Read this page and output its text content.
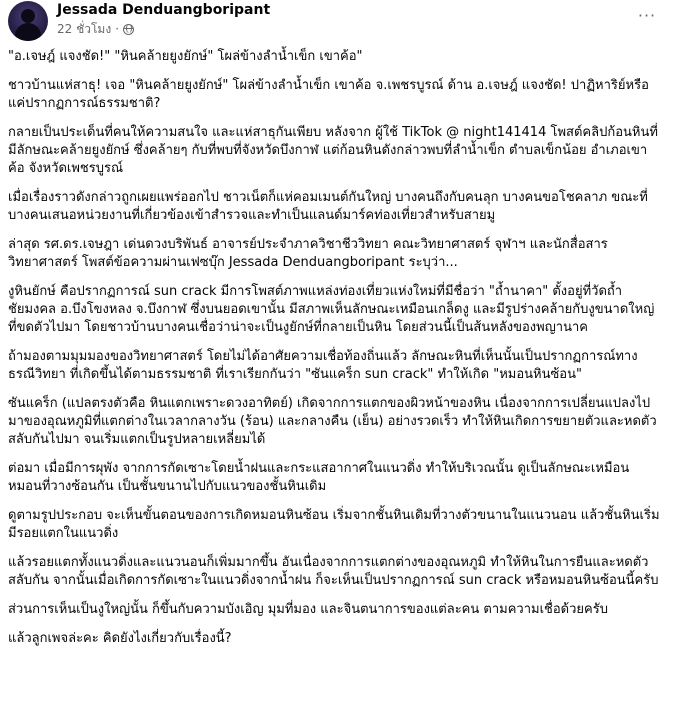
Jessada Denduangboripant
22 ชั่วโมง ·
···

"อ.เจษฎ์ แจงชัด!" "หินคล้ายยูงยักษ์" โผล่ข้างลำน้ำเข็ก เขาค้อ"

ชาวบ้านแห่สาธุ! เจอ "หินคล้ายยูงยักษ์" โผล่ข้างลำน้ำเข็ก เขาค้อ จ.เพชรบูรณ์ ด้าน อ.เจษฎ์ แจงชัด! ปาฏิหาริย์หรือแค่ปรากฏการณ์ธรรมชาติ?

กลายเป็นประเด็นที่คนให้ความสนใจ และแห่สาธุกันเพียบ หลังจาก ผู้ใช้ TikTok @ night141414 โพสต์คลิปก้อนหินที่มีลักษณะคล้ายยูงยักษ์ ซึ่งคล้ายๆ กับที่พบที่จังหวัดบึงกาฬ แต่ก้อนหินดังกล่าวพบที่ลำน้ำเข็ก ตำบลเข็กน้อย อำเภอเขาค้อ จังหวัดเพชรบูรณ์

เมื่อเรื่องราวดังกล่าวถูกเผยแพร่ออกไป ชาวเน็ตก็แห่คอมเมนต์กันใหญ่ บางคนถึงกับคนลุก บางคนขอโชคลาภ ขณะที่บางคนเสนอหน่วยงานที่เกี่ยวข้องเข้าสำรวจและทำเป็นแลนด์มาร์คท่องเที่ยวสำหรับสายมู

ล่าสุด รศ.ดร.เจษฎา เด่นดวงบริพันธ์ อาจารย์ประจำภาควิชาชีววิทยา คณะวิทยาศาสตร์ จุฬาฯ และนักสื่อสารวิทยาศาสตร์ โพสต์ข้อความผ่านเฟซบุ๊ก Jessada Denduangboripant ระบุว่า...

งูหินยักษ์ คือปรากฏการณ์ sun crack มีการโพสต์ภาพแหล่งท่องเที่ยวแห่งใหม่ที่มีชื่อว่า "ถ้ำนาคา" ตั้งอยู่ที่วัดถ้ำชัยมงคล อ.บึงโขงหลง จ.บึงกาฬ ซึ่งบนยอดเขานั้น มีสภาพเห็นลักษณะเหมือนเกล็ดงู และมีรูปร่างคล้ายกับงูขนาดใหญ่ที่ขดตัวไปมา โดยชาวบ้านบางคนเชื่อว่าน่าจะเป็นงูยักษ์ที่กลายเป็นหิน โดยส่วนนี้เป็นส้นหลังของพญานาค

ถ้ามองตามมุมมองของวิทยาศาสตร์ โดยไม่ได้อาศัยความเชื่อท้องถิ่นแล้ว ลักษณะหินที่เห็นนั้นเป็นปรากฏการณ์ทางธรณีวิทยา ที่เกิดขึ้นได้ตามธรรมชาติ ที่เราเรียกกันว่า "ซันแคร็ก sun crack" ทำให้เกิด "หมอนหินซ้อน"

ซันแคร็ก (แปลตรงตัวคือ หินแตกเพราะดวงอาทิตย์) เกิดจากการแตกของผิวหน้าของหิน เนื่องจากการเปลี่ยนแปลงไปมาของอุณหภูมิที่แตกต่างในเวลากลางวัน (ร้อน) และกลางคืน (เย็น) อย่างรวดเร็ว ทำให้หินเกิดการขยายตัวและหดตัวสลับกันไปมา จนเริ่มแตกเป็นรูปหลายเหลี่ยมได้

ต่อมา เมื่อมีการผุพัง จากการกัดเซาะโดยน้ำฝนและกระแสอากาศในแนวดิ่ง ทำให้บริเวณนั้น ดูเป็นลักษณะเหมือนหมอนที่วางซ้อนกัน เป็นชั้นขนานไปกับแนวของชั้นหินเดิม

ดูตามรูปประกอบ จะเห็นขั้นตอนของการเกิดหมอนหินซ้อน เริ่มจากชั้นหินเดิมที่วางตัวขนานในแนวนอน แล้วชั้นหินเริ่มมีรอยแตกในแนวดิ่ง

แล้วรอยแตกทั้งแนวดิ่งและแนวนอนก็เพิ่มมากขึ้น อันเนื่องจากการแตกต่างของอุณหภูมิ ทำให้หินในการยืนและหดตัวสลับกัน จากนั้นเมื่อเกิดการกัดเซาะในแนวดิ่งจากน้ำฝน ก็จะเห็นเป็นปรากฏการณ์ sun crack หรือหมอนหินซ้อนนี้ครับ

ส่วนการเห็นเป็นงูใหญ่นั้น ก็ขึ้นกับความบังเอิญ มุมที่มอง และจินตนาการของแต่ละคน ตามความเชื่อด้วยครับ

แล้วลูกเพจล่ะคะ คิดยังไงเกี่ยวกับเรื่องนี้?
